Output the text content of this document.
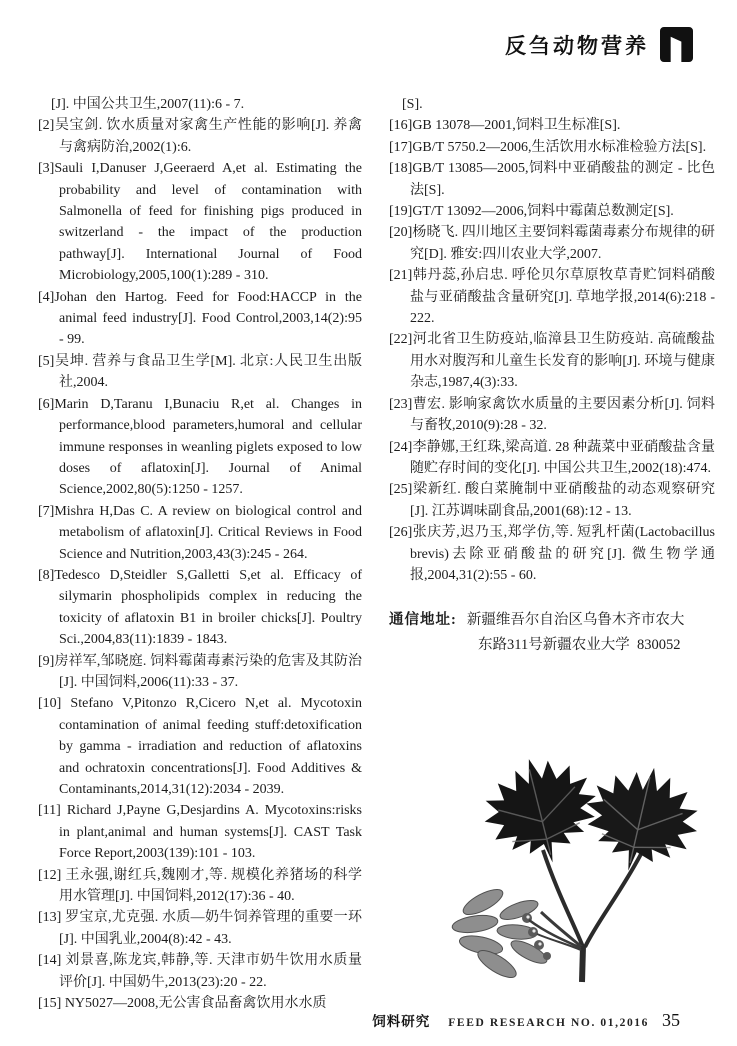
反刍动物营养
[J]. 中国公共卫生,2007(11):6 - 7.
[2]吴宝剑. 饮水质量对家禽生产性能的影响[J]. 养禽与禽病防治,2002(1):6.
[3]Sauli I,Danuser J,Geeraerd A,et al. Estimating the probability and level of contamination with Salmonella of feed for finishing pigs produced in switzerland - the impact of the production pathway[J]. International Journal of Food Microbiology,2005,100(1):289 - 310.
[4]Johan den Hartog. Feed for Food:HACCP in the animal feed industry[J]. Food Control,2003,14(2):95 - 99.
[5]吴坤. 营养与食品卫生学[M]. 北京:人民卫生出版社,2004.
[6]Marin D,Taranu I,Bunaciu R,et al. Changes in performance,blood parameters,humoral and cellular immune responses in weanling piglets exposed to low doses of aflatoxin[J]. Journal of Animal Science,2002,80(5):1250 - 1257.
[7]Mishra H,Das C. A review on biological control and metabolism of aflatoxin[J]. Critical Reviews in Food Science and Nutrition,2003,43(3):245 - 264.
[8]Tedesco D,Steidler S,Galletti S,et al. Efficacy of silymarin phospholipids complex in reducing the toxicity of aflatoxin B1 in broiler chicks[J]. Poultry Sci.,2004,83(11):1839 - 1843.
[9]房祥军,邹晓庭. 饲料霉菌毒素污染的危害及其防治[J]. 中国饲料,2006(11):33 - 37.
[10] Stefano V,Pitonzo R,Cicero N,et al. Mycotoxin contamination of animal feeding stuff:detoxification by gamma - irradiation and reduction of aflatoxins and ochratoxin concentrations[J]. Food Additives & Contaminants,2014,31(12):2034 - 2039.
[11] Richard J,Payne G,Desjardins A. Mycotoxins:risks in plant,animal and human systems[J]. CAST Task Force Report,2003(139):101 - 103.
[12] 王永强,谢红兵,魏刚才,等. 规模化养猪场的科学用水管理[J]. 中国饲料,2012(17):36 - 40.
[13] 罗宝京,尤克强. 水质—奶牛饲养管理的重要一环[J]. 中国乳业,2004(8):42 - 43.
[14] 刘景喜,陈龙宾,韩静,等. 天津市奶牛饮用水质量评价[J]. 中国奶牛,2013(23):20 - 22.
[15] NY5027—2008,无公害食品畜禽饮用水水质
[S].
[16]GB 13078—2001,饲料卫生标准[S].
[17]GB/T 5750.2—2006,生活饮用水标准检验方法[S].
[18]GB/T 13085—2005,饲料中亚硝酸盐的测定 - 比色法[S].
[19]GT/T 13092—2006,饲料中霉菌总数测定[S].
[20]杨晓飞. 四川地区主要饲料霉菌毒素分布规律的研究[D]. 雅安:四川农业大学,2007.
[21]韩丹蕊,孙启忠. 呼伦贝尔草原牧草青贮饲料硝酸盐与亚硝酸盐含量研究[J]. 草地学报,2014(6):218 - 222.
[22]河北省卫生防疫站,临漳县卫生防疫站. 高硫酸盐用水对腹泻和儿童生长发育的影响[J]. 环境与健康杂志,1987,4(3):33.
[23]曹宏. 影响家禽饮水质量的主要因素分析[J]. 饲料与畜牧,2010(9):28 - 32.
[24]李静娜,王红珠,梁高道. 28 种蔬菜中亚硝酸盐含量随贮存时间的变化[J]. 中国公共卫生,2002(18):474.
[25]梁新红. 酸白菜腌制中亚硝酸盐的动态观察研究[J]. 江苏调味副食品,2001(68):12 - 13.
[26]张庆芳,迟乃玉,郑学仿,等. 短乳杆菌(Lactobacillus brevis)去除亚硝酸盐的研究[J]. 微生物学通报,2004,31(2):55 - 60.
通信地址: 新疆维吾尔自治区乌鲁木齐市农大
东路311号新疆农业大学  830052
饲料研究 FEED RESEARCH NO. 01,2016 35
